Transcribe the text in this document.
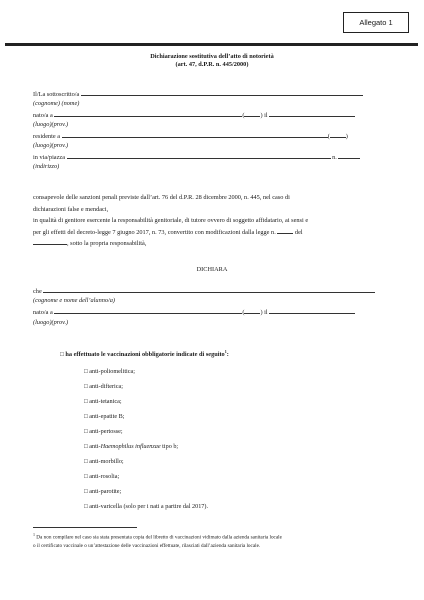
Allegato 1
Dichiarazione sostitutiva dell’atto di notorietà
(art. 47, d.P.R. n. 445/2000)
Il/La sottoscritto/a
(cognome) (nome)
nato/a a	(	) il
(luogo)(prov.)
residente a	(	)
(luogo)(prov.)
in via/piazza	n.
(indirizzo)
consapevole delle sanzioni penali previste dall’art. 76 del d.P.R. 28 dicembre 2000, n. 445, nel caso di
dichiarazioni false e mendaci,
in qualità di genitore esercente la responsabilità genitoriale, di tutore ovvero di soggetto affidatario, ai sensi e
per gli effetti del decreto-legge 7 giugno 2017, n. 73, convertito con modificazioni dalla legge n.	del
, sotto la propria responsabilità,
DICHIARA
che
(cognome e nome dell’alunno/a)
nato/a a	(	) il
(luogo)(prov.)
□ ha effettuato le vaccinazioni obbligatorie indicate di seguito$^1$:
□ anti-poliomelitica;
□ anti-difterica;
□ anti-tetanica;
□ anti-epatite B;
□ anti-pertosse;
□ anti-Haemophilus influenzae tipo b;
□ anti-morbillo;
□ anti-rosolia;
□ anti-parotite;
□ anti-varicella (solo per i nati a partire dal 2017).
$^1$ Da non compilare nel caso sia stata presentata copia del libretto di vaccinazioni vidimato dalla azienda sanitaria locale
o il certificato vaccinale o un’attestazione delle vaccinazioni effettuate, rilasciati dall’azienda sanitaria locale.
